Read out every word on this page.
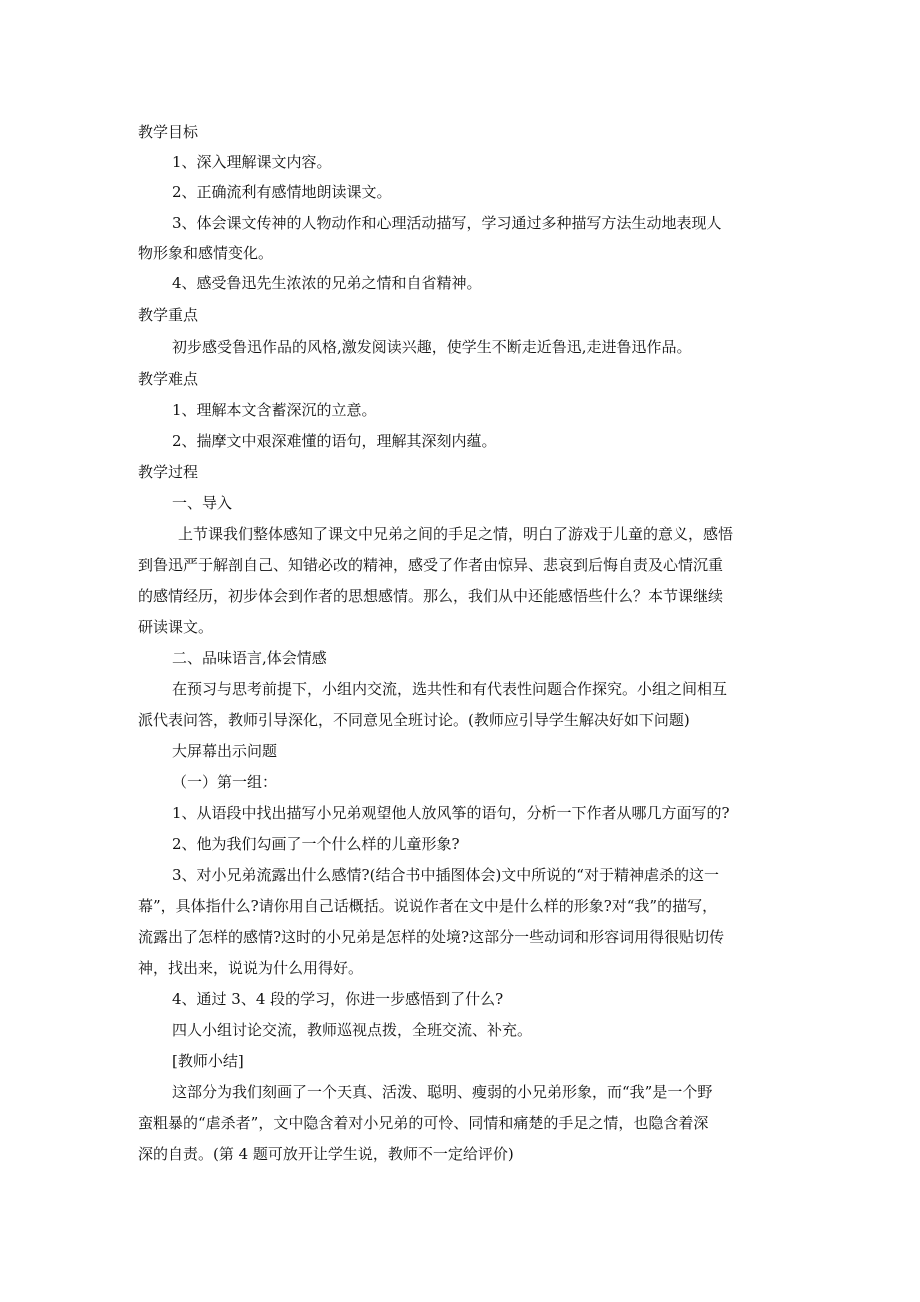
教学目标
1、深入理解课文内容。
2、正确流利有感情地朗读课文。
3、体会课文传神的人物动作和心理活动描写，学习通过多种描写方法生动地表现人
物形象和感情变化。
4、感受鲁迅先生浓浓的兄弟之情和自省精神。
教学重点
初步感受鲁迅作品的风格,激发阅读兴趣，使学生不断走近鲁迅,走进鲁迅作品。
教学难点
1、理解本文含蓄深沉的立意。
2、揣摩文中艰深难懂的语句，理解其深刻内蕴。
教学过程
一、导入
上节课我们整体感知了课文中兄弟之间的手足之情，明白了游戏于儿童的意义，感悟
到鲁迅严于解剖自己、知错必改的精神，感受了作者由惊异、悲哀到后悔自责及心情沉重
的感情经历，初步体会到作者的思想感情。那么，我们从中还能感悟些什么？本节课继续
研读课文。
二、品味语言,体会情感
在预习与思考前提下，小组内交流，选共性和有代表性问题合作探究。小组之间相互
派代表问答，教师引导深化，不同意见全班讨论。(教师应引导学生解决好如下问题)
大屏幕出示问题
（一）第一组：
1、从语段中找出描写小兄弟观望他人放风筝的语句，分析一下作者从哪几方面写的?
2、他为我们勾画了一个什么样的儿童形象?
3、对小兄弟流露出什么感情?(结合书中插图体会)文中所说的“对于精神虐杀的这一
幕”，具体指什么?请你用自己话概括。说说作者在文中是什么样的形象?对“我”的描写，
流露出了怎样的感情?这时的小兄弟是怎样的处境?这部分一些动词和形容词用得很贴切传
神，找出来，说说为什么用得好。
4、通过 3、4 段的学习，你进一步感悟到了什么?
四人小组讨论交流，教师巡视点拨，全班交流、补充。
[教师小结]
这部分为我们刻画了一个天真、活泼、聪明、瘦弱的小兄弟形象，而“我”是一个野
蛮粗暴的“虐杀者”，文中隐含着对小兄弟的可怜、同情和痛楚的手足之情，也隐含着深
深的自责。(第 4 题可放开让学生说，教师不一定给评价)
